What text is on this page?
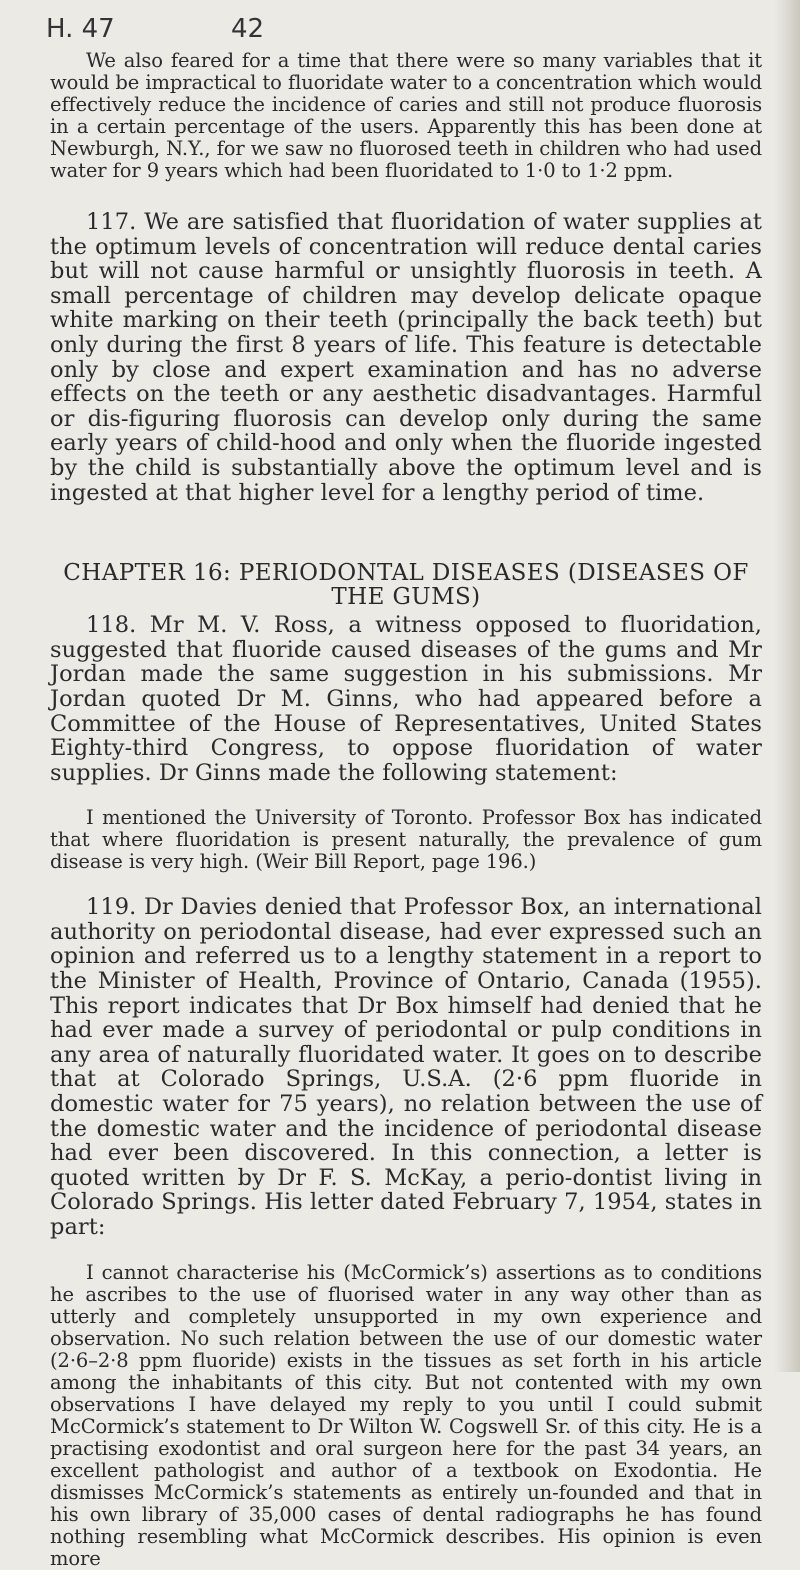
H. 47	42

We also feared for a time that there were so many variables that it would be impractical to fluoridate water to a concentration which would effectively reduce the incidence of caries and still not produce fluorosis in a certain percentage of the users. Apparently this has been done at Newburgh, N.Y., for we saw no fluorosed teeth in children who had used water for 9 years which had been fluoridated to 1·0 to 1·2 ppm.

117. We are satisfied that fluoridation of water supplies at the optimum levels of concentration will reduce dental caries but will not cause harmful or unsightly fluorosis in teeth. A small percentage of children may develop delicate opaque white marking on their teeth (principally the back teeth) but only during the first 8 years of life. This feature is detectable only by close and expert examination and has no adverse effects on the teeth or any aesthetic disadvantages. Harmful or dis-figuring fluorosis can develop only during the same early years of child-hood and only when the fluoride ingested by the child is substantially above the optimum level and is ingested at that higher level for a lengthy period of time.

CHAPTER 16: PERIODONTAL DISEASES (DISEASES OF THE GUMS)

118. Mr M. V. Ross, a witness opposed to fluoridation, suggested that fluoride caused diseases of the gums and Mr Jordan made the same suggestion in his submissions. Mr Jordan quoted Dr M. Ginns, who had appeared before a Committee of the House of Representatives, United States Eighty-third Congress, to oppose fluoridation of water supplies. Dr Ginns made the following statement:

I mentioned the University of Toronto. Professor Box has indicated that where fluoridation is present naturally, the prevalence of gum disease is very high. (Weir Bill Report, page 196.)

119. Dr Davies denied that Professor Box, an international authority on periodontal disease, had ever expressed such an opinion and referred us to a lengthy statement in a report to the Minister of Health, Province of Ontario, Canada (1955). This report indicates that Dr Box himself had denied that he had ever made a survey of periodontal or pulp conditions in any area of naturally fluoridated water. It goes on to describe that at Colorado Springs, U.S.A. (2·6 ppm fluoride in domestic water for 75 years), no relation between the use of the domestic water and the incidence of periodontal disease had ever been discovered. In this connection, a letter is quoted written by Dr F. S. McKay, a perio-dontist living in Colorado Springs. His letter dated February 7, 1954, states in part:

I cannot characterise his (McCormick’s) assertions as to conditions he ascribes to the use of fluorised water in any way other than as utterly and completely unsupported in my own experience and observation. No such relation between the use of our domestic water (2·6–2·8 ppm fluoride) exists in the tissues as set forth in his article among the inhabitants of this city. But not contented with my own observations I have delayed my reply to you until I could submit McCormick’s statement to Dr Wilton W. Cogswell Sr. of this city. He is a practising exodontist and oral surgeon here for the past 34 years, an excellent pathologist and author of a textbook on Exodontia. He dismisses McCormick’s statements as entirely un-founded and that in his own library of 35,000 cases of dental radiographs he has found nothing resembling what McCormick describes. His opinion is even more
